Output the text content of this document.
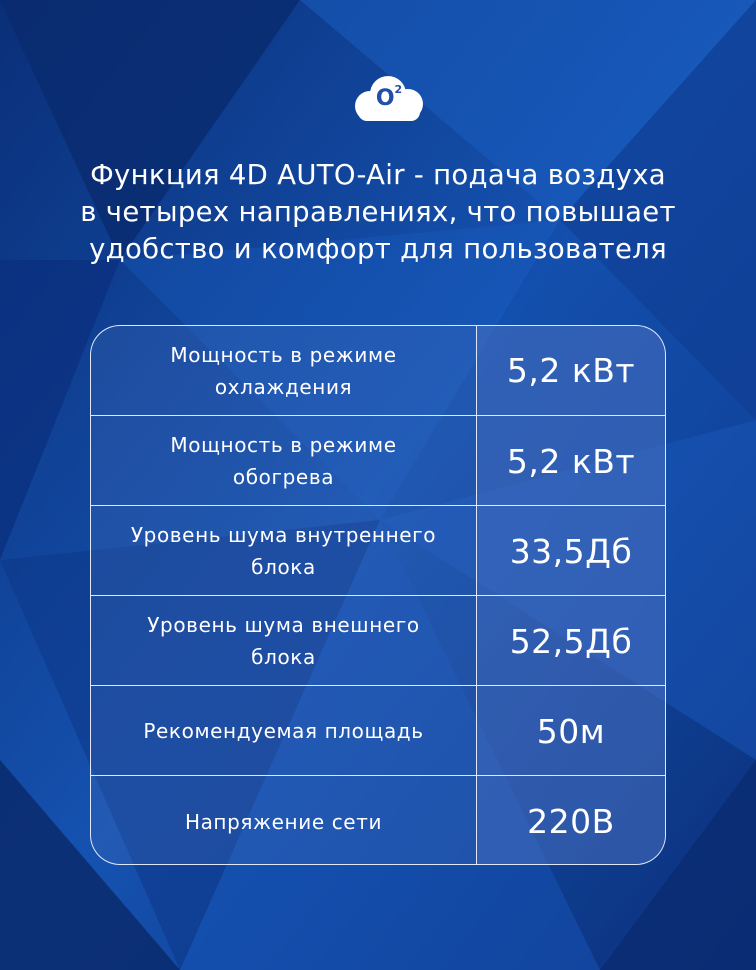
$O^2$
Функция 4D AUTO-Air - подача воздуха
в четырех направлениях, что повышает
удобство и комфорт для пользователя
Мощность в режиме
охлаждения	5,2 кВт
Мощность в режиме
обогрева	5,2 кВт
Уровень шума внутреннего
блока	33,5Дб
Уровень шума внешнего
блока	52,5Дб
Рекомендуемая площадь	50м
Напряжение сети	220В
